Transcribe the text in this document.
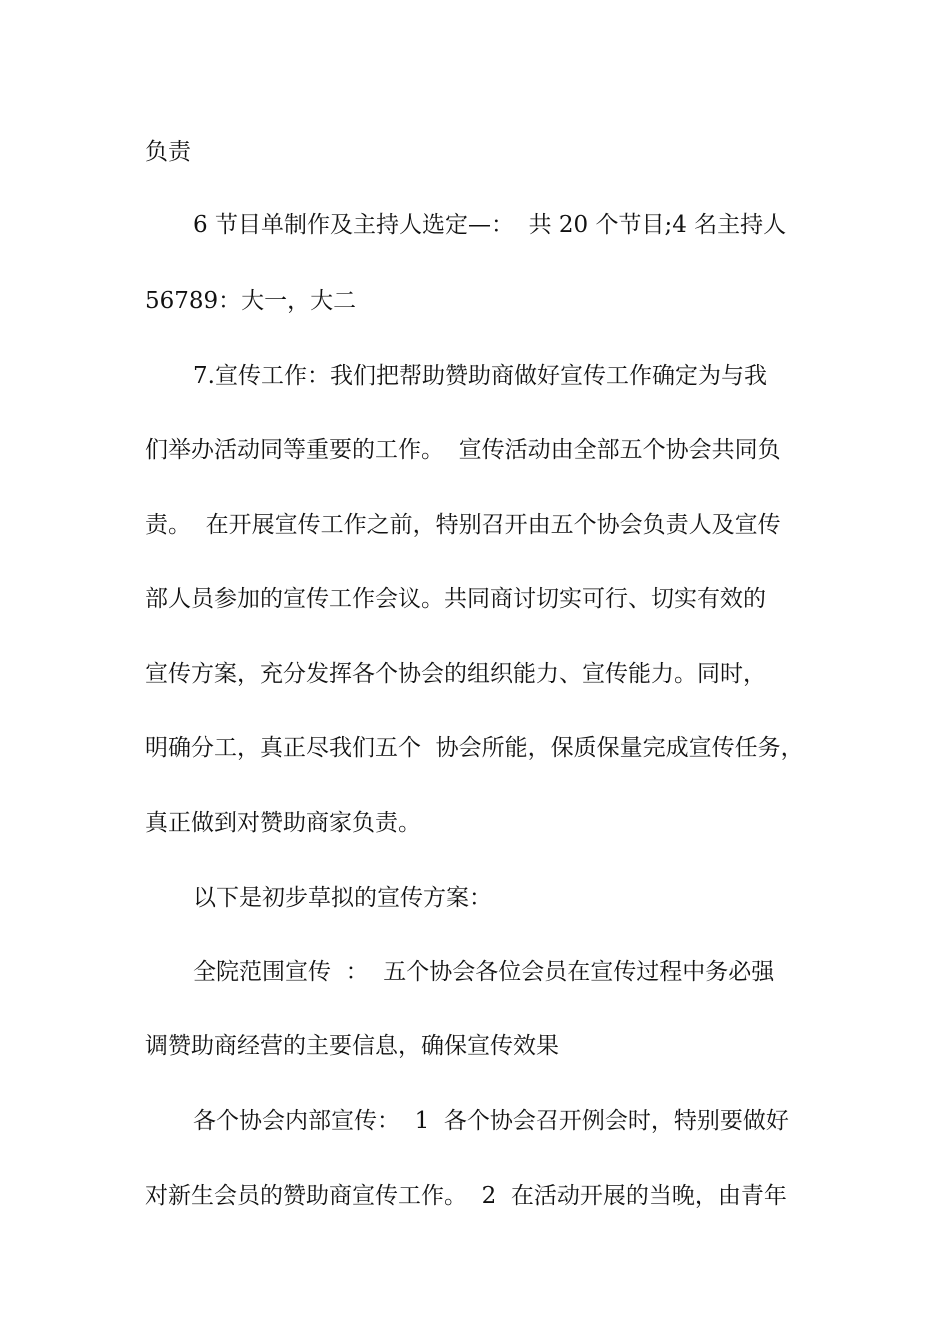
负责

6 节目单制作及主持人选定—：  共 20 个节目;4 名主持人

56789：大一，大二

7.宣传工作：我们把帮助赞助商做好宣传工作确定为与我

们举办活动同等重要的工作。  宣传活动由全部五个协会共同负

责。  在开展宣传工作之前，特别召开由五个协会负责人及宣传

部人员参加的宣传工作会议。共同商讨切实可行、切实有效的

宣传方案，充分发挥各个协会的组织能力、宣传能力。同时，

明确分工，真正尽我们五个  协会所能，保质保量完成宣传任务，

真正做到对赞助商家负责。

以下是初步草拟的宣传方案：

全院范围宣传  ：  五个协会各位会员在宣传过程中务必强

调赞助商经营的主要信息，确保宣传效果

各个协会内部宣传：  1  各个协会召开例会时，特别要做好

对新生会员的赞助商宣传工作。  2  在活动开展的当晚，由青年
